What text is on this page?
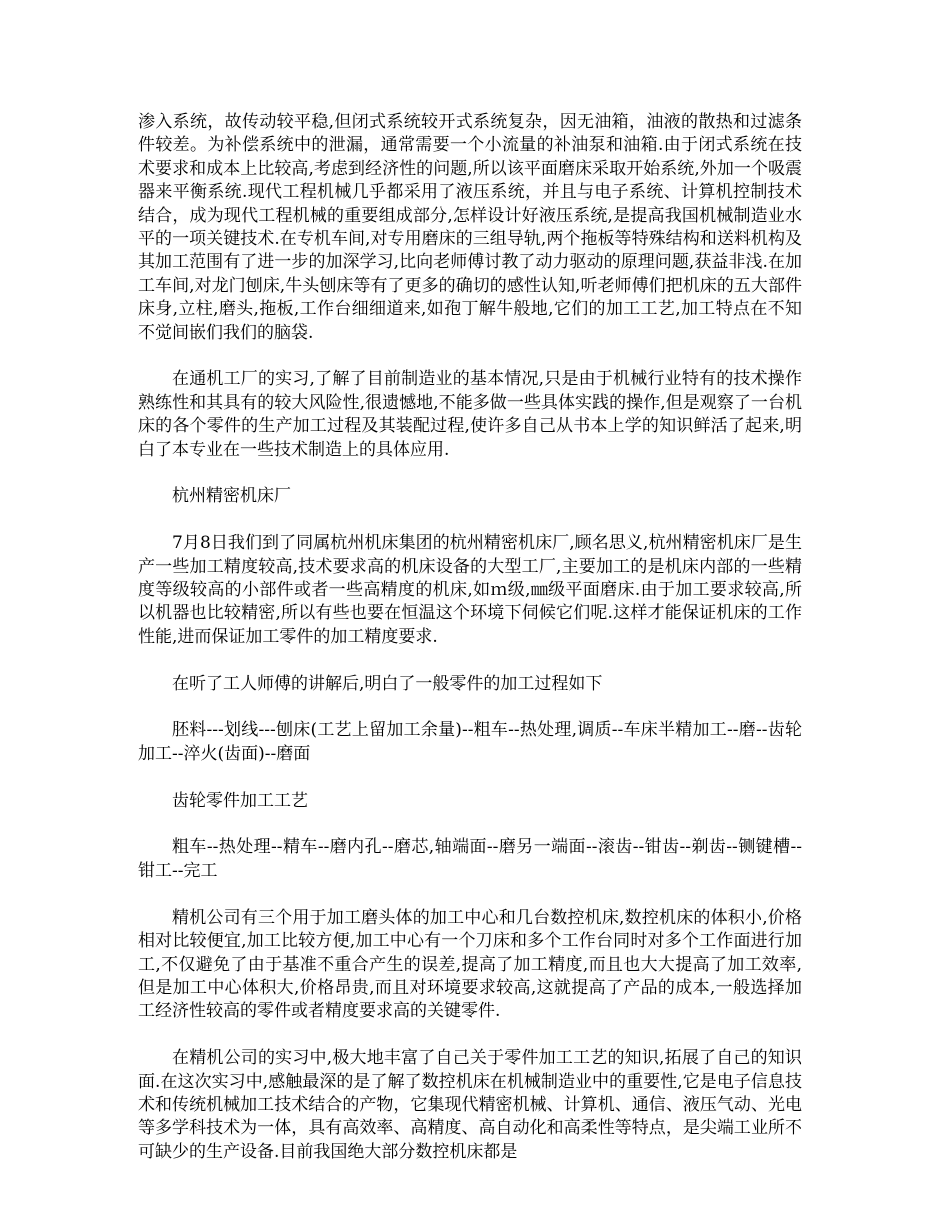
渗入系统，故传动较平稳,但闭式系统较开式系统复杂，因无油箱，油液的散热和过滤条件较差。为补偿系统中的泄漏，通常需要一个小流量的补油泵和油箱.由于闭式系统在技术要求和成本上比较高,考虑到经济性的问题,所以该平面磨床采取开始系统,外加一个吸震器来平衡系统.现代工程机械几乎都采用了液压系统，并且与电子系统、计算机控制技术结合，成为现代工程机械的重要组成部分,怎样设计好液压系统,是提高我国机械制造业水平的一项关键技术.在专机车间,对专用磨床的三组导轨,两个拖板等特殊结构和送料机构及其加工范围有了进一步的加深学习,比向老师傅讨教了动力驱动的原理问题,获益非浅.在加工车间,对龙门刨床,牛头刨床等有了更多的确切的感性认知,听老师傅们把机床的五大部件床身,立柱,磨头,拖板,工作台细细道来,如孢丁解牛般地,它们的加工工艺,加工特点在不知不觉间嵌们我们的脑袋.

在通机工厂的实习,了解了目前制造业的基本情况,只是由于机械行业特有的技术操作熟练性和其具有的较大风险性,很遗憾地,不能多做一些具体实践的操作,但是观察了一台机床的各个零件的生产加工过程及其装配过程,使许多自己从书本上学的知识鲜活了起来,明白了本专业在一些技术制造上的具体应用.

杭州精密机床厂

7月8日我们到了同属杭州机床集团的杭州精密机床厂,顾名思义,杭州精密机床厂是生产一些加工精度较高,技术要求高的机床设备的大型工厂,主要加工的是机床内部的一些精度等级较高的小部件或者一些高精度的机床,如ｍ级,㎜级平面磨床.由于加工要求较高,所以机器也比较精密,所以有些也要在恒温这个环境下伺候它们呢.这样才能保证机床的工作性能,进而保证加工零件的加工精度要求.

在听了工人师傅的讲解后,明白了一般零件的加工过程如下

胚料---划线---刨床(工艺上留加工余量)--粗车--热处理,调质--车床半精加工--磨--齿轮加工--淬火(齿面)--磨面

齿轮零件加工工艺

粗车--热处理--精车--磨内孔--磨芯,轴端面--磨另一端面--滚齿--钳齿--剃齿--铡键槽--钳工--完工

精机公司有三个用于加工磨头体的加工中心和几台数控机床,数控机床的体积小,价格相对比较便宜,加工比较方便,加工中心有一个刀床和多个工作台同时对多个工作面进行加工,不仅避免了由于基准不重合产生的误差,提高了加工精度,而且也大大提高了加工效率,但是加工中心体积大,价格昂贵,而且对环境要求较高,这就提高了产品的成本,一般选择加工经济性较高的零件或者精度要求高的关键零件.

在精机公司的实习中,极大地丰富了自己关于零件加工工艺的知识,拓展了自己的知识面.在这次实习中,感触最深的是了解了数控机床在机械制造业中的重要性,它是电子信息技术和传统机械加工技术结合的产物，它集现代精密机械、计算机、通信、液压气动、光电等多学科技术为一体，具有高效率、高精度、高自动化和高柔性等特点，是尖端工业所不可缺少的生产设备.目前我国绝大部分数控机床都是
